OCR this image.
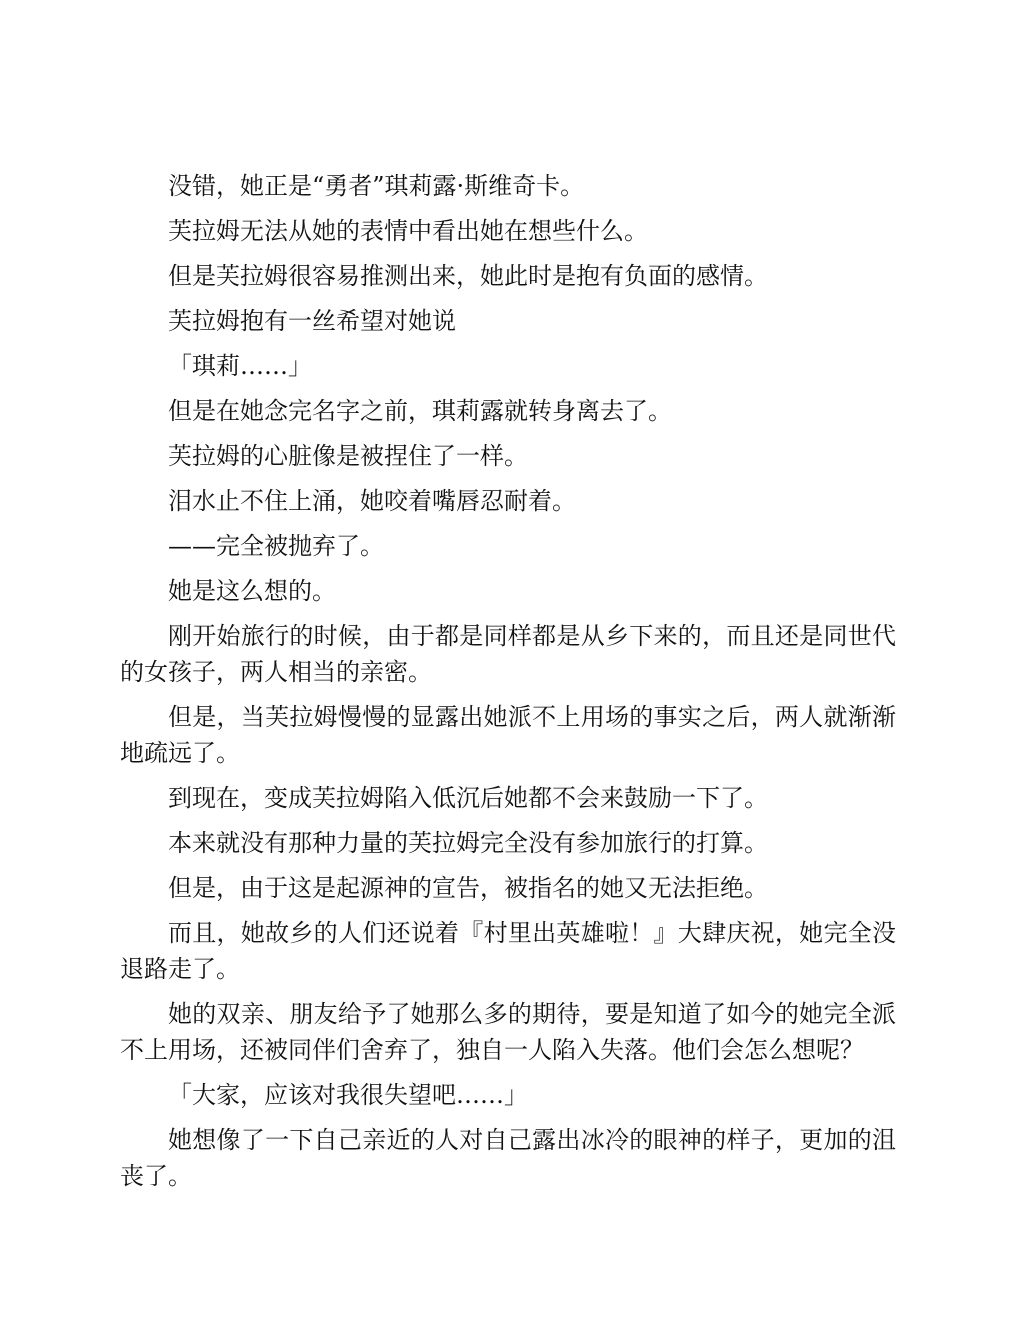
没错，她正是“勇者”琪莉露·斯维奇卡。

芙拉姆无法从她的表情中看出她在想些什么。

但是芙拉姆很容易推测出来，她此时是抱有负面的感情。

芙拉姆抱有一丝希望对她说

「琪莉……」

但是在她念完名字之前，琪莉露就转身离去了。

芙拉姆的心脏像是被捏住了一样。

泪水止不住上涌，她咬着嘴唇忍耐着。

——完全被抛弃了。

她是这么想的。

刚开始旅行的时候，由于都是同样都是从乡下来的，而且还是同世代的女孩子，两人相当的亲密。

但是，当芙拉姆慢慢的显露出她派不上用场的事实之后，两人就渐渐地疏远了。

到现在，变成芙拉姆陷入低沉后她都不会来鼓励一下了。

本来就没有那种力量的芙拉姆完全没有参加旅行的打算。

但是，由于这是起源神的宣告，被指名的她又无法拒绝。

而且，她故乡的人们还说着『村里出英雄啦！』大肆庆祝，她完全没退路走了。

她的双亲、朋友给予了她那么多的期待，要是知道了如今的她完全派不上用场，还被同伴们舍弃了，独自一人陷入失落。他们会怎么想呢？

「大家，应该对我很失望吧……」

她想像了一下自己亲近的人对自己露出冰冷的眼神的样子，更加的沮丧了。
